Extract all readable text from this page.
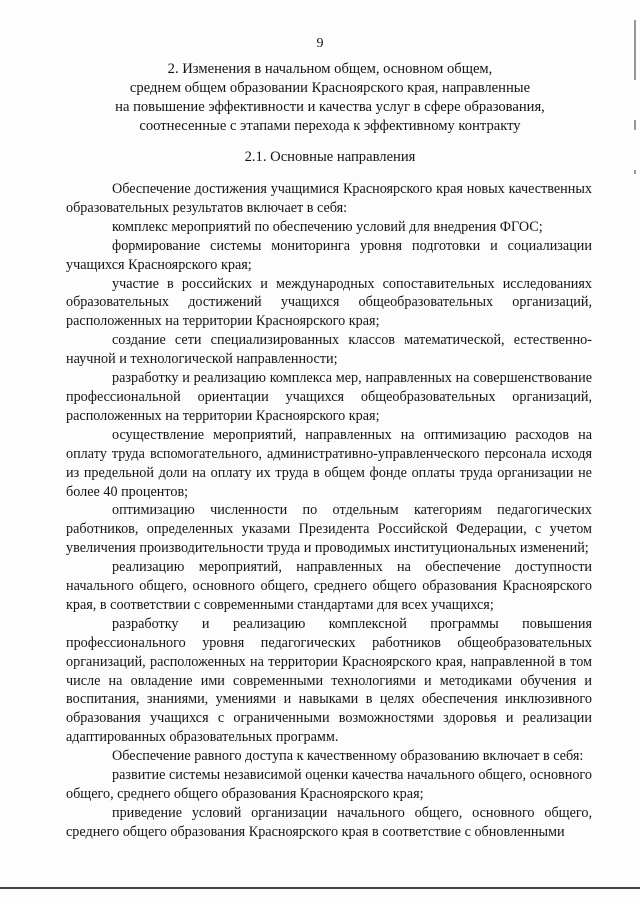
9
2. Изменения в начальном общем, основном общем,
среднем общем образовании Красноярского края, направленные
на повышение эффективности и качества услуг в сфере образования,
соотнесенные с этапами перехода к эффективному контракту
2.1. Основные направления

Обеспечение достижения учащимися Красноярского края новых качественных образовательных результатов включает в себя:

комплекс мероприятий по обеспечению условий для внедрения ФГОС;

формирование системы мониторинга уровня подготовки и социализации учащихся Красноярского края;

участие в российских и международных сопоставительных исследованиях образовательных достижений учащихся общеобразовательных организаций, расположенных на территории Красноярского края;

создание сети специализированных классов математической, естественно-научной и технологической направленности;

разработку и реализацию комплекса мер, направленных на совершенствование профессиональной ориентации учащихся общеобразовательных организаций, расположенных на территории Красноярского края;

осуществление мероприятий, направленных на оптимизацию расходов на оплату труда вспомогательного, административно-управленческого персонала исходя из предельной доли на оплату их труда в общем фонде оплаты труда организации не более 40 процентов;

оптимизацию численности по отдельным категориям педагогических работников, определенных указами Президента Российской Федерации, с учетом увеличения производительности труда и проводимых институциональных изменений;

реализацию мероприятий, направленных на обеспечение доступности начального общего, основного общего, среднего общего образования Красноярского края, в соответствии с современными стандартами для всех учащихся;

разработку и реализацию комплексной программы повышения профессионального уровня педагогических работников общеобразовательных организаций, расположенных на территории Красноярского края, направленной в том числе на овладение ими современными технологиями и методиками обучения и воспитания, знаниями, умениями и навыками в целях обеспечения инклюзивного образования учащихся с ограниченными возможностями здоровья и реализации адаптированных образовательных программ.

Обеспечение равного доступа к качественному образованию включает в себя:

развитие системы независимой оценки качества начального общего, основного общего, среднего общего образования Красноярского края;

приведение условий организации начального общего, основного общего, среднего общего образования Красноярского края в соответствие с обновленными
